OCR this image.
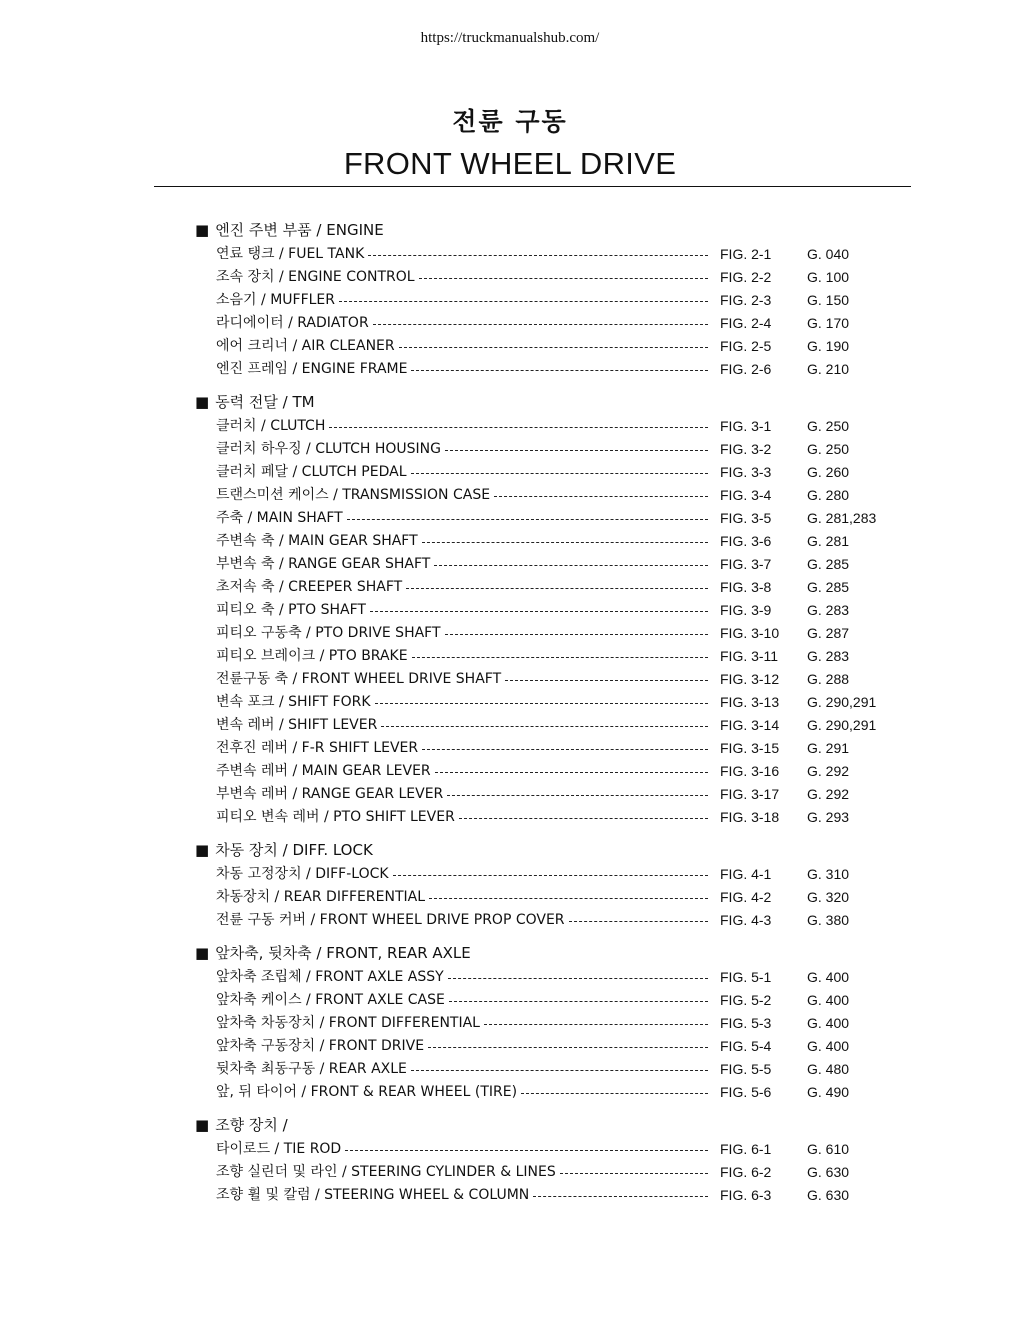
https://truckmanualshub.com/
전륜 구동
FRONT WHEEL DRIVE
■ 엔진 주변 부품 / ENGINE
연료 탱크 / FUEL TANK	FIG. 2-1	G. 040
조속 장치 / ENGINE CONTROL	FIG. 2-2	G. 100
소음기 / MUFFLER	FIG. 2-3	G. 150
라디에이터 / RADIATOR	FIG. 2-4	G. 170
에어 크리너 / AIR CLEANER	FIG. 2-5	G. 190
엔진 프레임 / ENGINE FRAME	FIG. 2-6	G. 210
■ 동력 전달 / TM
클러치 / CLUTCH	FIG. 3-1	G. 250
클러치 하우징 / CLUTCH HOUSING	FIG. 3-2	G. 250
클러치 페달 / CLUTCH PEDAL	FIG. 3-3	G. 260
트랜스미션 케이스 / TRANSMISSION CASE	FIG. 3-4	G. 280
주축 / MAIN SHAFT	FIG. 3-5	G. 281,283
주변속 축 / MAIN GEAR SHAFT	FIG. 3-6	G. 281
부변속 축 / RANGE GEAR SHAFT	FIG. 3-7	G. 285
초저속 축 / CREEPER SHAFT	FIG. 3-8	G. 285
피티오 축 / PTO SHAFT	FIG. 3-9	G. 283
피티오 구동축 / PTO DRIVE SHAFT	FIG. 3-10 G. 287
피티오 브레이크 / PTO BRAKE	FIG. 3-11 G. 283
전륜구동 축 / FRONT WHEEL DRIVE SHAFT	FIG. 3-12 G. 288
변속 포크 / SHIFT FORK	FIG. 3-13 G. 290,291
변속 레버 / SHIFT LEVER	FIG. 3-14 G. 290,291
전후진 레버 / F-R SHIFT LEVER	FIG. 3-15 G. 291
주변속 레버 / MAIN GEAR LEVER	FIG. 3-16 G. 292
부변속 레버 / RANGE GEAR LEVER	FIG. 3-17 G. 292
피티오 변속 레버 / PTO SHIFT LEVER	FIG. 3-18 G. 293
■ 차동 장치 / DIFF. LOCK
차동 고정장치 / DIFF-LOCK	FIG. 4-1	G. 310
차동장치 / REAR DIFFERENTIAL	FIG. 4-2	G. 320
전륜 구동 커버 / FRONT WHEEL DRIVE PROP COVER	FIG. 4-3	G. 380
■ 앞차축, 뒷차축 / FRONT, REAR AXLE
앞차축 조립체 / FRONT AXLE ASSY	FIG. 5-1	G. 400
앞차축 케이스 / FRONT AXLE CASE	FIG. 5-2	G. 400
앞차축 차동장치 / FRONT DIFFERENTIAL	FIG. 5-3	G. 400
앞차축 구동장치 / FRONT DRIVE	FIG. 5-4	G. 400
뒷차축 최동구동 / REAR AXLE	FIG. 5-5	G. 480
앞, 뒤 타이어 / FRONT & REAR WHEEL (TIRE)	FIG. 5-6	G. 490
■ 조향 장치 /
타이로드 / TIE ROD	FIG. 6-1	G. 610
조향 실린더 및 라인 / STEERING CYLINDER & LINES	FIG. 6-2	G. 630
조향 휠 및 칼럼 / STEERING WHEEL & COLUMN	FIG. 6-3	G. 630
